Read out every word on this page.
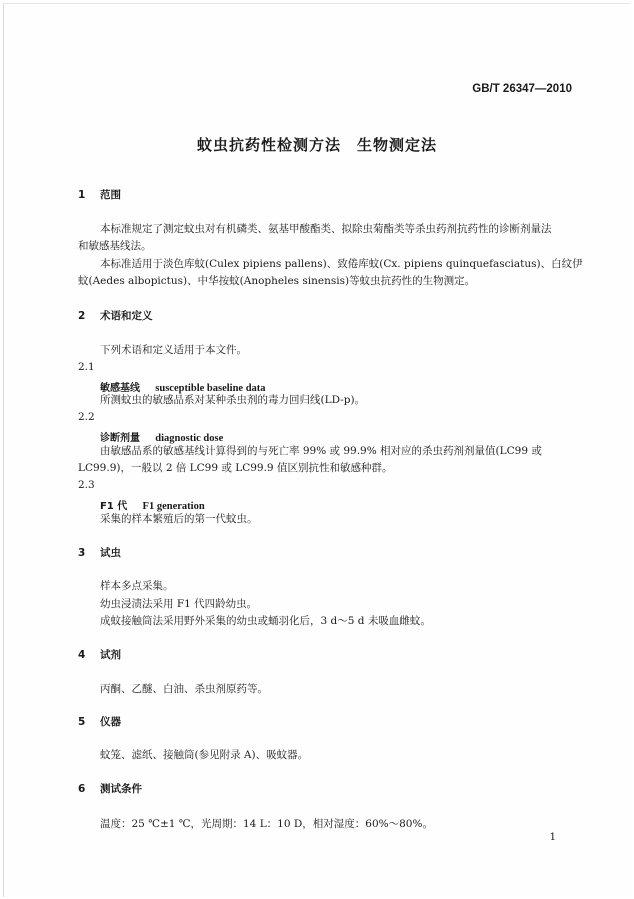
GB/T 26347—2010
蚊虫抗药性检测方法　生物测定法
1 范围
本标准规定了测定蚊虫对有机磷类、氨基甲酸酯类、拟除虫菊酯类等杀虫药剂抗药性的诊断剂量法
和敏感基线法。
本标准适用于淡色库蚊(Culex pipiens pallens)、致倦库蚊(Cx. pipiens quinquefasciatus)、白纹伊
蚊(Aedes albopictus)、中华按蚊(Anopheles sinensis)等蚊虫抗药性的生物测定。
2 术语和定义
下列术语和定义适用于本文件。
2.1
敏感基线 susceptible baseline data
所测蚊虫的敏感品系对某种杀虫剂的毒力回归线(LD-p)。
2.2
诊断剂量 diagnostic dose
由敏感品系的敏感基线计算得到的与死亡率 99% 或 99.9% 相对应的杀虫药剂剂量值(LC99 或
LC99.9)，一般以 2 倍 LC99 或 LC99.9 值区别抗性和敏感种群。
2.3
F1 代 F1 generation
采集的样本繁殖后的第一代蚊虫。
3 试虫
样本多点采集。
幼虫浸渍法采用 F1 代四龄幼虫。
成蚊接触筒法采用野外采集的幼虫或蛹羽化后，3 d～5 d 未吸血雌蚊。
4 试剂
丙酮、乙醚、白油、杀虫剂原药等。
5 仪器
蚊笼、滤纸、接触筒(参见附录 A)、吸蚊器。
6 测试条件
温度：25 ℃±1 ℃，光周期：14 L：10 D，相对湿度：60%～80%。
1
